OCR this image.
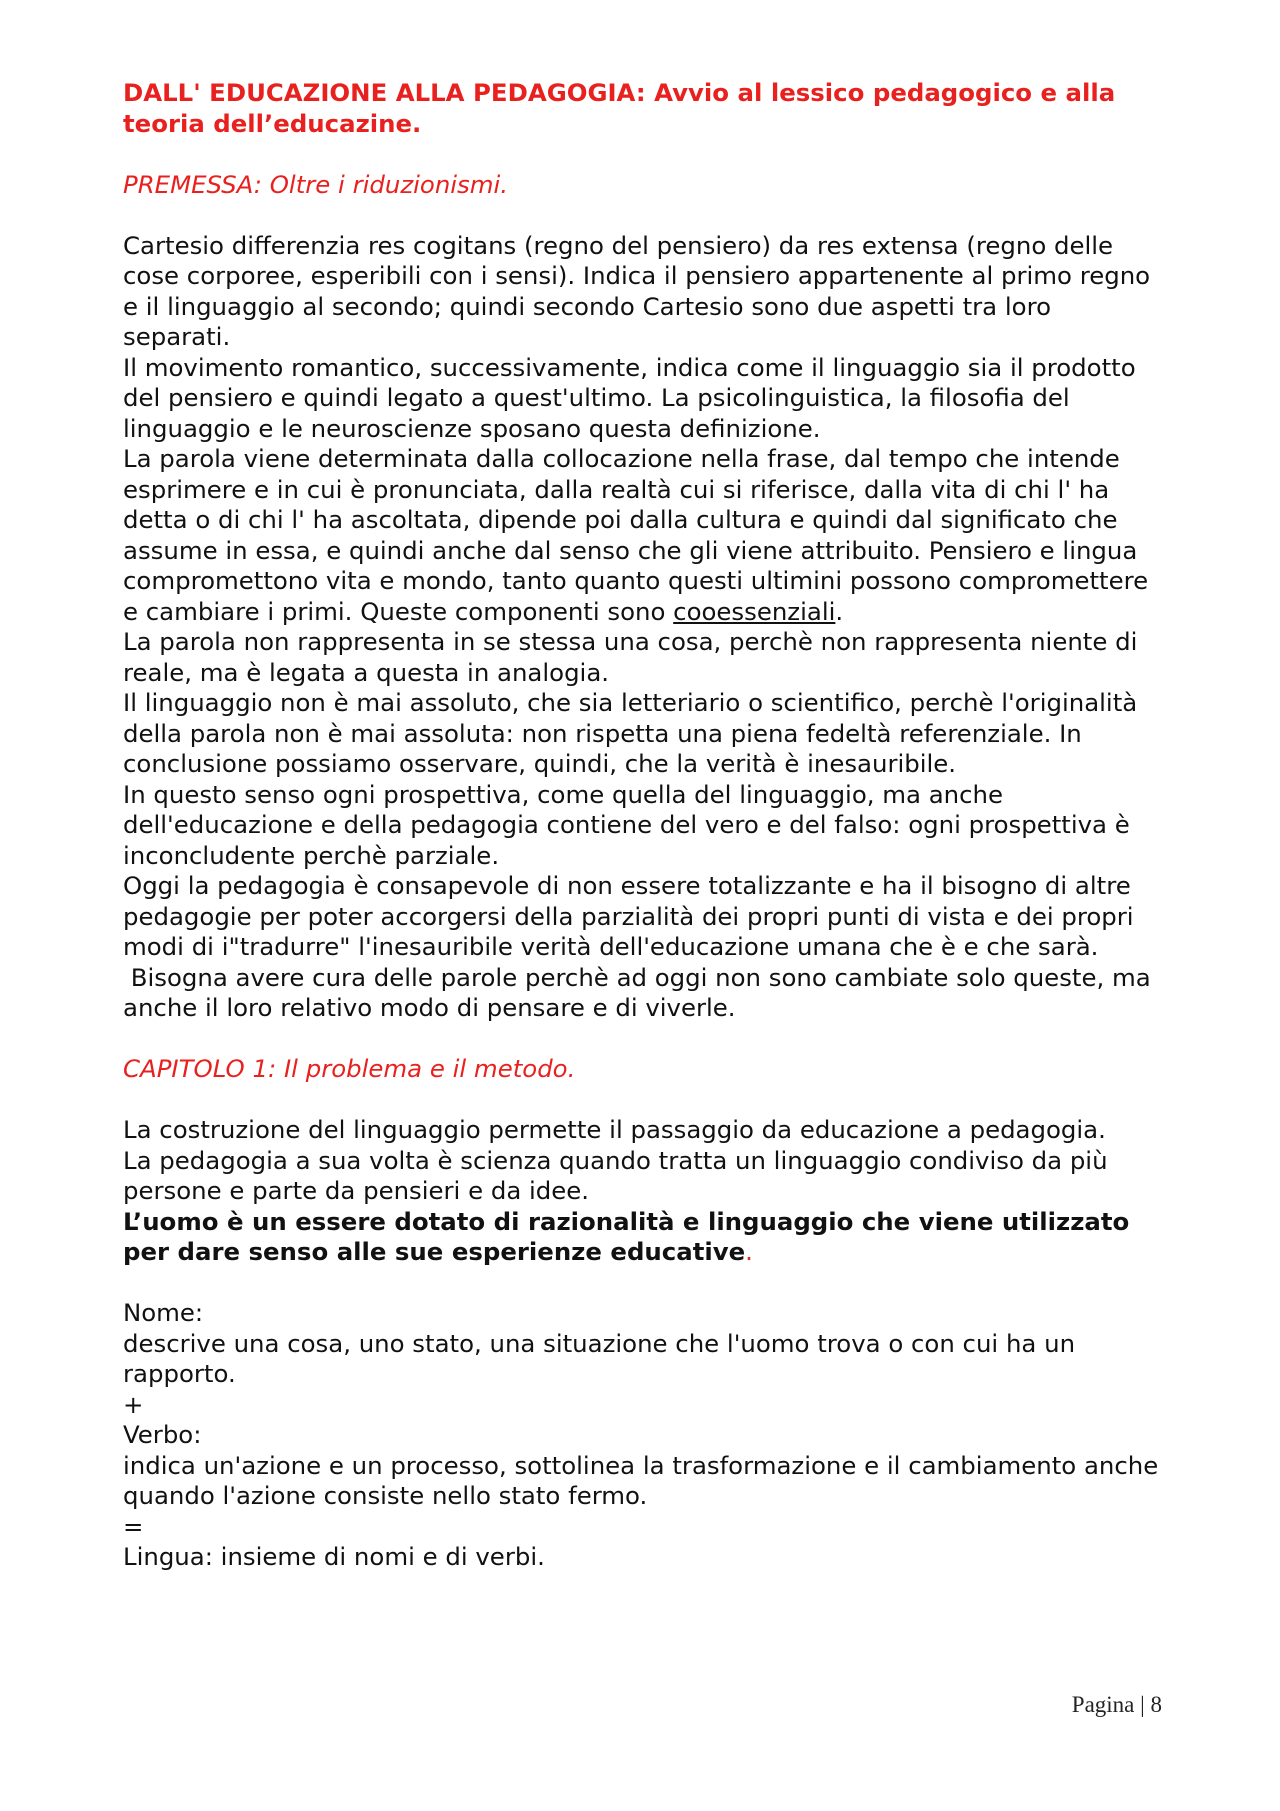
DALL' EDUCAZIONE ALLA PEDAGOGIA: Avvio al lessico pedagogico e alla teoria dell’educazine.

PREMESSA: Oltre i riduzionismi.

Cartesio differenzia res cogitans (regno del pensiero) da res extensa (regno delle cose corporee, esperibili con i sensi). Indica il pensiero appartenente al primo regno e il linguaggio al secondo; quindi secondo Cartesio sono due aspetti tra loro separati.

Il movimento romantico, successivamente, indica come il linguaggio sia il prodotto del pensiero e quindi legato a quest'ultimo. La psicolinguistica, la filosofia del linguaggio e le neuroscienze sposano questa definizione.

La parola viene determinata dalla collocazione nella frase, dal tempo che intende esprimere e in cui è pronunciata, dalla realtà cui si riferisce, dalla vita di chi l' ha detta o di chi l' ha ascoltata, dipende poi dalla cultura e quindi dal significato che assume in essa, e quindi anche dal senso che gli viene attribuito. Pensiero e lingua compromettono vita e mondo, tanto quanto questi ultimini possono compromettere e cambiare i primi. Queste componenti sono cooessenziali.

La parola non rappresenta in se stessa una cosa, perchè non rappresenta niente di reale, ma è legata a questa in analogia.

Il linguaggio non è mai assoluto, che sia letteriario o scientifico, perchè l'originalità della parola non è mai assoluta: non rispetta una piena fedeltà referenziale. In conclusione possiamo osservare, quindi, che la verità è inesauribile.

In questo senso ogni prospettiva, come quella del linguaggio, ma anche dell'educazione e della pedagogia contiene del vero e del falso: ogni prospettiva è inconcludente perchè parziale.

Oggi la pedagogia è consapevole di non essere totalizzante e ha il bisogno di altre pedagogie per poter accorgersi della parzialità dei propri punti di vista e dei propri modi di i"tradurre" l'inesauribile verità dell'educazione umana che è e che sarà.

Bisogna avere cura delle parole perchè ad oggi non sono cambiate solo queste, ma anche il loro relativo modo di pensare e di viverle.

CAPITOLO 1: Il problema e il metodo.

La costruzione del linguaggio permette il passaggio da educazione a pedagogia.

La pedagogia a sua volta è scienza quando tratta un linguaggio condiviso da più persone e parte da pensieri e da idee.

L’uomo è un essere dotato di razionalità e linguaggio che viene utilizzato per dare senso alle sue esperienze educative.

Nome:

descrive una cosa, uno stato, una situazione che l'uomo trova o con cui ha un rapporto.

+

Verbo:

indica un'azione e un processo, sottolinea la trasformazione e il cambiamento anche quando l'azione consiste nello stato fermo.

=

Lingua: insieme di nomi e di verbi.

Pagina | 8
